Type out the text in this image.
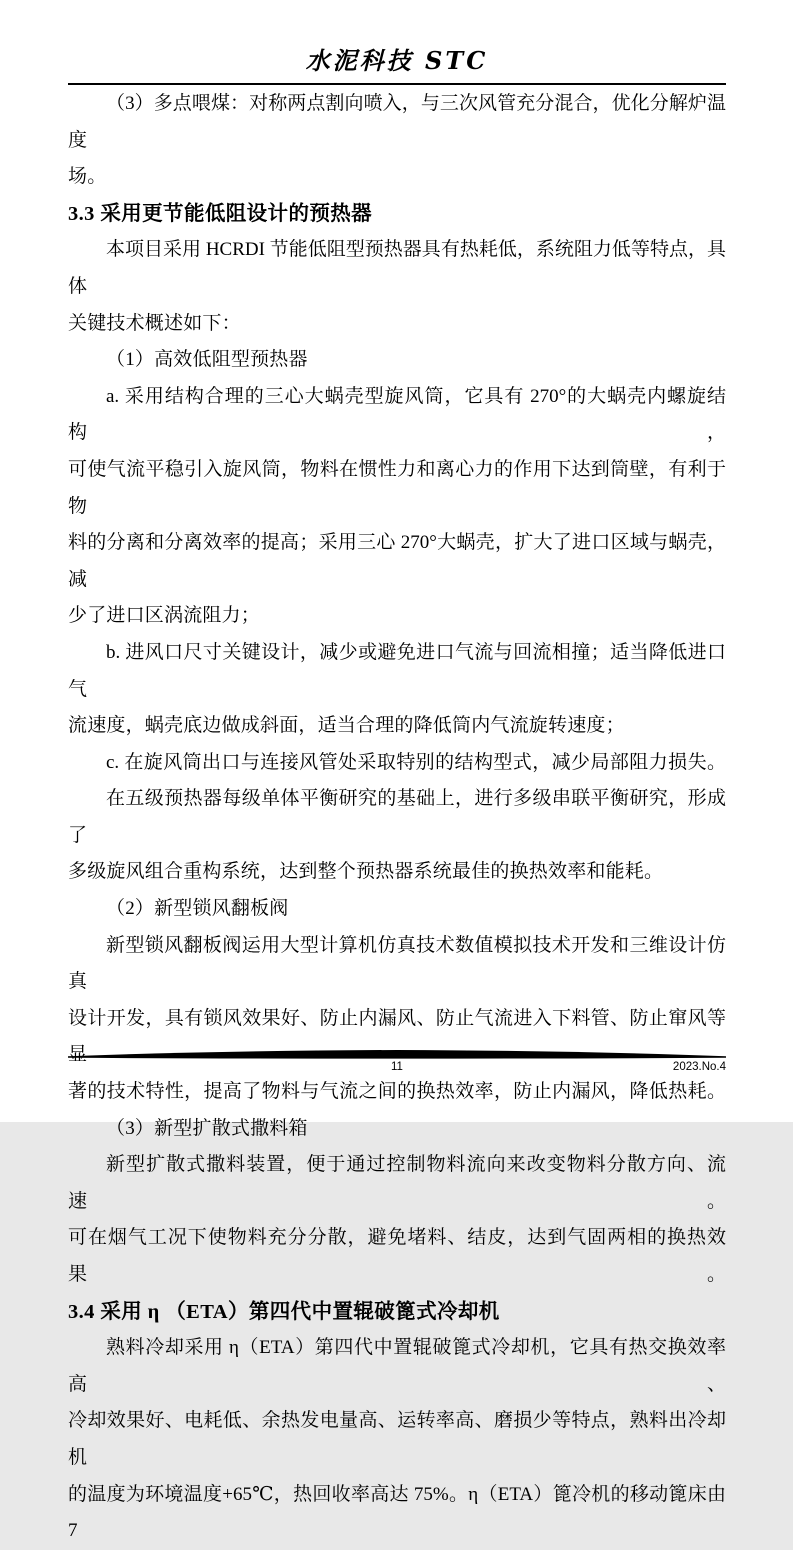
水泥科技 STC
（3）多点喂煤：对称两点割向喷入，与三次风管充分混合，优化分解炉温度
场。
3.3 采用更节能低阻设计的预热器
本项目采用 HCRDI 节能低阻型预热器具有热耗低，系统阻力低等特点，具体
关键技术概述如下：
（1）高效低阻型预热器
a. 采用结构合理的三心大蜗壳型旋风筒，它具有 270°的大蜗壳内螺旋结构，
可使气流平稳引入旋风筒，物料在惯性力和离心力的作用下达到筒壁，有利于物
料的分离和分离效率的提高；采用三心 270°大蜗壳，扩大了进口区域与蜗壳，减
少了进口区涡流阻力；
b. 进风口尺寸关键设计，减少或避免进口气流与回流相撞；适当降低进口气
流速度，蜗壳底边做成斜面，适当合理的降低筒内气流旋转速度；
c. 在旋风筒出口与连接风管处采取特别的结构型式，减少局部阻力损失。
在五级预热器每级单体平衡研究的基础上，进行多级串联平衡研究，形成了
多级旋风组合重构系统，达到整个预热器系统最佳的换热效率和能耗。
（2）新型锁风翻板阀
新型锁风翻板阀运用大型计算机仿真技术数值模拟技术开发和三维设计仿真
设计开发，具有锁风效果好、防止内漏风、防止气流进入下料管、防止窜风等显
著的技术特性，提高了物料与气流之间的换热效率，防止内漏风，降低热耗。
（3）新型扩散式撒料箱
新型扩散式撒料装置，便于通过控制物料流向来改变物料分散方向、流速。
可在烟气工况下使物料充分分散，避免堵料、结皮，达到气固两相的换热效果。
3.4 采用 η （ETA）第四代中置辊破篦式冷却机
熟料冷却采用 η（ETA）第四代中置辊破篦式冷却机，它具有热交换效率高、
冷却效果好、电耗低、余热发电量高、运转率高、磨损少等特点，熟料出冷却机
的温度为环境温度+65℃，热回收率高达 75%。η（ETA）篦冷机的移动篦床由 7
11	2023.No.4
